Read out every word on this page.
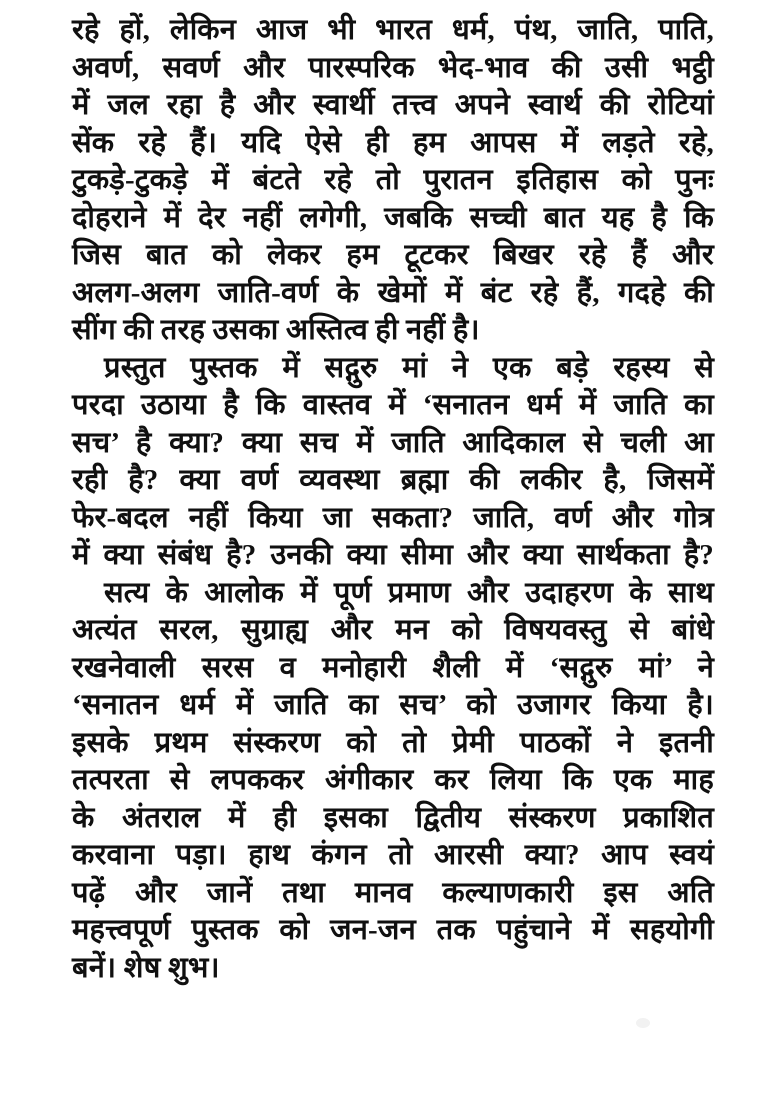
रहे हों, लेकिन आज भी भारत धर्म, पंथ, जाति, पाति,
अवर्ण, सवर्ण और पारस्परिक भेद-भाव की उसी भट्ठी
में जल रहा है और स्वार्थी तत्त्व अपने स्वार्थ की रोटियां
सेंक रहे हैं। यदि ऐसे ही हम आपस में लड़ते रहे,
टुकड़े-टुकड़े में बंटते रहे तो पुरातन इतिहास को पुनः
दोहराने में देर नहीं लगेगी, जबकि सच्ची बात यह है कि
जिस बात को लेकर हम टूटकर बिखर रहे हैं और
अलग-अलग जाति-वर्ण के खेमों में बंट रहे हैं, गदहे की
सींग की तरह उसका अस्तित्व ही नहीं है।
प्रस्तुत पुस्तक में सद्गुरु मां ने एक बड़े रहस्य से
परदा उठाया है कि वास्तव में ‘सनातन धर्म में जाति का
सच’ है क्या? क्या सच में जाति आदिकाल से चली आ
रही है? क्या वर्ण व्यवस्था ब्रह्मा की लकीर है, जिसमें
फेर-बदल नहीं किया जा सकता? जाति, वर्ण और गोत्र
में क्या संबंध है? उनकी क्या सीमा और क्या सार्थकता है?
सत्य के आलोक में पूर्ण प्रमाण और उदाहरण के साथ
अत्यंत सरल, सुग्राह्य और मन को विषयवस्तु से बांधे
रखनेवाली सरस व मनोहारी शैली में ‘सद्गुरु मां’ ने
‘सनातन धर्म में जाति का सच’ को उजागर किया है।
इसके प्रथम संस्करण को तो प्रेमी पाठकों ने इतनी
तत्परता से लपककर अंगीकार कर लिया कि एक माह
के अंतराल में ही इसका द्वितीय संस्करण प्रकाशित
करवाना पड़ा। हाथ कंगन तो आरसी क्या? आप स्वयं
पढ़ें और जानें तथा मानव कल्याणकारी इस अति
महत्त्वपूर्ण पुस्तक को जन-जन तक पहुंचाने में सहयोगी
बनें। शेष शुभ।
